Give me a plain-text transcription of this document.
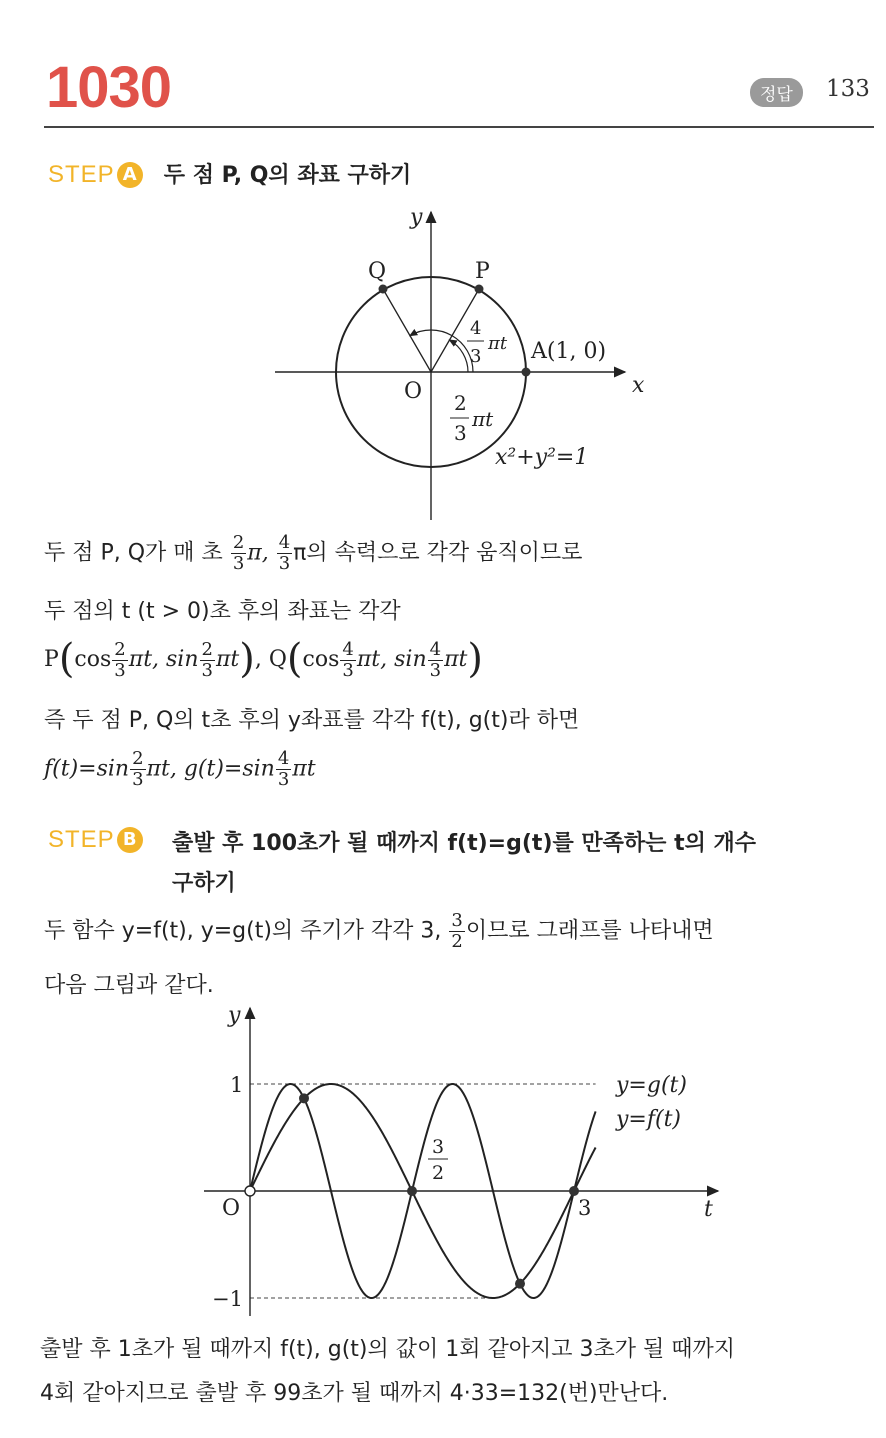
1030	정답	133
STEP A 두 점 P, Q의 좌표 구하기
y
x
O
Q	P
A(1, 0)
4
3
πt
2
3
πt
x²+y²=1
두 점 P, Q가 매 초 $\frac{2}{3} \pi$, $\frac{4}{3}$ π의 속력으로 각각 움직이므로
두 점의 t (t > 0)초 후의 좌표는 각각
$P(\cos \frac{2}{3} \pi t$, $\sin \frac{2}{3} \pi t$), $Q(\cos \frac{4}{3} \pi t$, $\sin \frac{4}{3} \pi t$)
즉 두 점 P, Q의 t초 후의 y좌표를 각각 f(t), g(t)라 하면
$f(t)=\sin \frac{2}{3} \pi t$, $g(t)=\sin \frac{4}{3}$ πt
STEP B 출발 후 100초가 될 때까지 f(t)=g(t)를 만족하는 t의 개수
구하기
두 함수 y=f(t), y=g(t)의 주기가 각각 3, $\frac{3}{2}$ 이므로 그래프를 나타내면
다음 그림과 같다.
y
t
O
1
−1
3
3
2
y=g(t)
y=f(t)
출발 후 1초가 될 때까지 f(t), g(t)의 값이 1회 같아지고 3초가 될 때까지
4회 같아지므로 출발 후 99초가 될 때까지 4·33=132(번)만난다.
